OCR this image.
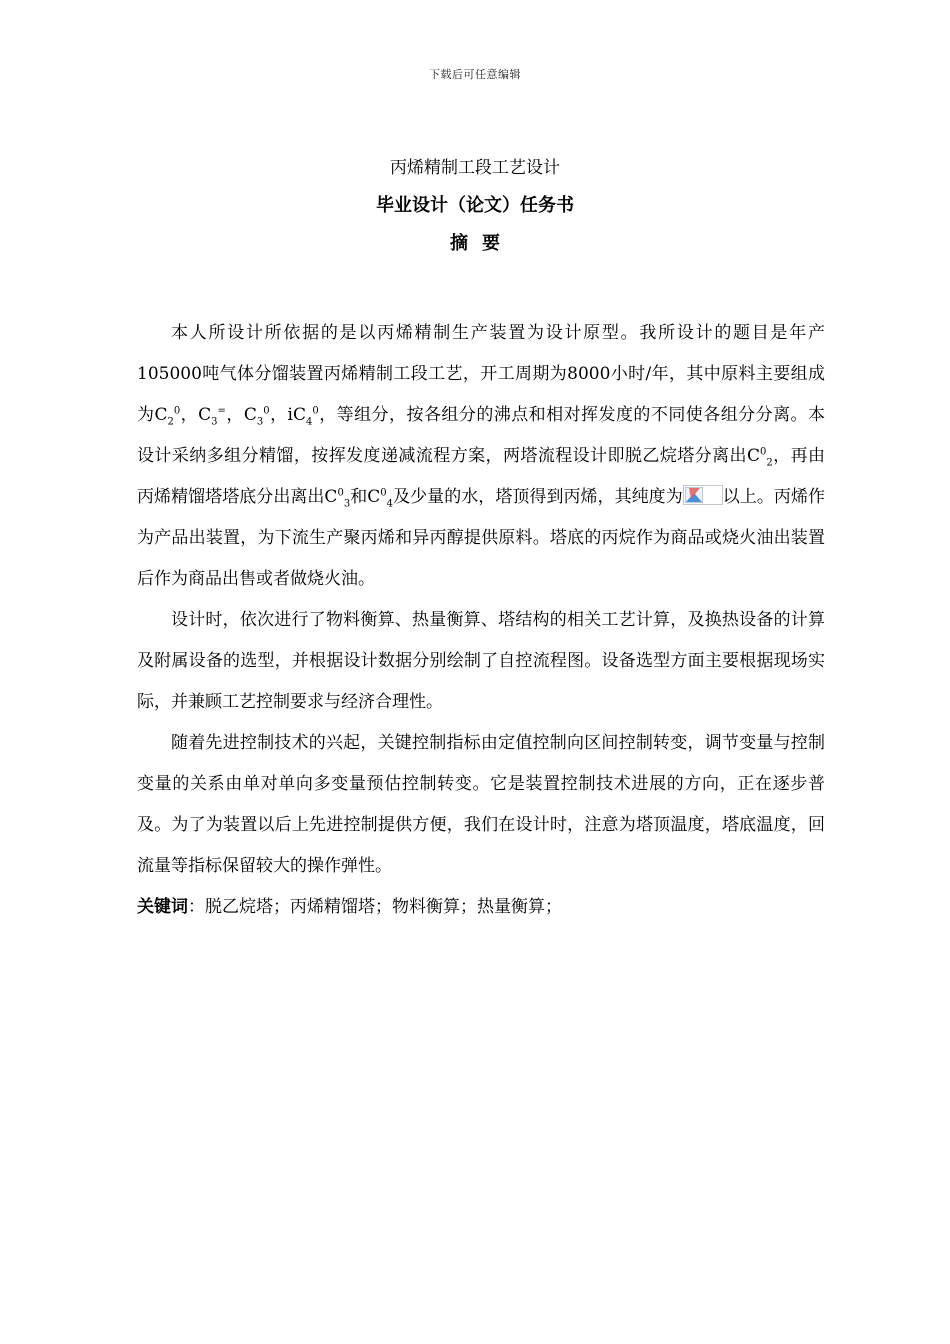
下载后可任意编辑
丙烯精制工段工艺设计
毕业设计（论文）任务书
摘要

本人所设计所依据的是以丙烯精制生产装置为设计原型。我所设计的题目是年产105000吨气体分馏装置丙烯精制工段工艺，开工周期为8000小时/年，其中原料主要组成为$C_2^0$，$C_3^=$，$C_3^0$，$iC_4^0$，等组分，按各组分的沸点和相对挥发度的不同使各组分分离。本设计采纳多组分精馏，按挥发度递减流程方案，两塔流程设计即脱乙烷塔分离出$C^0_2$，再由丙烯精馏塔塔底分出离出$C^0_3$和$C^0_4$及少量的水，塔顶得到丙烯，其纯度为 以上。丙烯作为产品出装置，为下流生产聚丙烯和异丙醇提供原料。塔底的丙烷作为商品或烧火油出装置后作为商品出售或者做烧火油。

设计时，依次进行了物料衡算、热量衡算、塔结构的相关工艺计算，及换热设备的计算及附属设备的选型，并根据设计数据分别绘制了自控流程图。设备选型方面主要根据现场实际，并兼顾工艺控制要求与经济合理性。

随着先进控制技术的兴起，关键控制指标由定值控制向区间控制转变，调节变量与控制变量的关系由单对单向多变量预估控制转变。它是装置控制技术进展的方向，正在逐步普及。为了为装置以后上先进控制提供方便，我们在设计时，注意为塔顶温度，塔底温度，回流量等指标保留较大的操作弹性。

关键词：脱乙烷塔；丙烯精馏塔；物料衡算；热量衡算；
